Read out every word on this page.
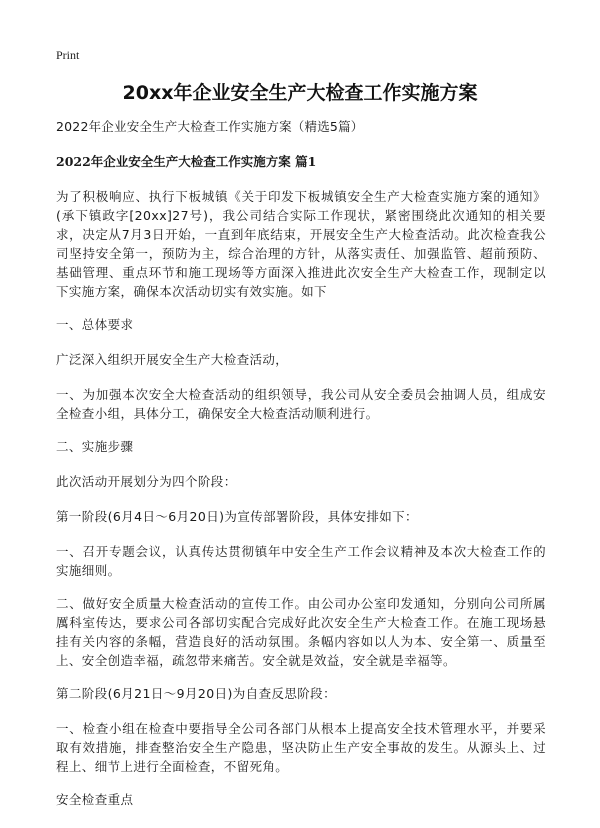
Print
20xx年企业安全生产大检查工作实施方案
2022年企业安全生产大检查工作实施方案（精选5篇）
2022年企业安全生产大检查工作实施方案 篇1

为了积极响应、执行下板城镇《关于印发下板城镇安全生产大检查实施方案的通知》(承下镇政字[20xx]27号)，我公司结合实际工作现状，紧密围绕此次通知的相关要求，决定从7月3日开始，一直到年底结束，开展安全生产大检查活动。此次检查我公司坚持安全第一，预防为主，综合治理的方针，从落实责任、加强监管、超前预防、基础管理、重点环节和施工现场等方面深入推进此次安全生产大检查工作，现制定以下实施方案，确保本次活动切实有效实施。如下

一、总体要求

广泛深入组织开展安全生产大检查活动，

一、为加强本次安全大检查活动的组织领导，我公司从安全委员会抽调人员，组成安全检查小组，具体分工，确保安全大检查活动顺利进行。

二、实施步骤

此次活动开展划分为四个阶段：

第一阶段(6月4日～6月20日)为宣传部署阶段，具体安排如下：

一、召开专题会议，认真传达贯彻镇年中安全生产工作会议精神及本次大检查工作的实施细则。

二、做好安全质量大检查活动的宣传工作。由公司办公室印发通知，分别向公司所属厲科室传达，要求公司各部切实配合完成好此次安全生产大检查工作。在施工现场悬挂有关内容的条幅，营造良好的活动氛围。条幅内容如以人为本、安全第一、质量至上、安全创造幸福，疏忽带来痛苦。安全就是效益，安全就是幸福等。

第二阶段(6月21日～9月20日)为自查反思阶段：

一、检查小组在检查中要指导全公司各部门从根本上提高安全技术管理水平，并要采取有效措施，排查整治安全生产隐患，坚决防止生产安全事故的发生。从源头上、过程上、细节上进行全面检查，不留死角。

安全检查重点
